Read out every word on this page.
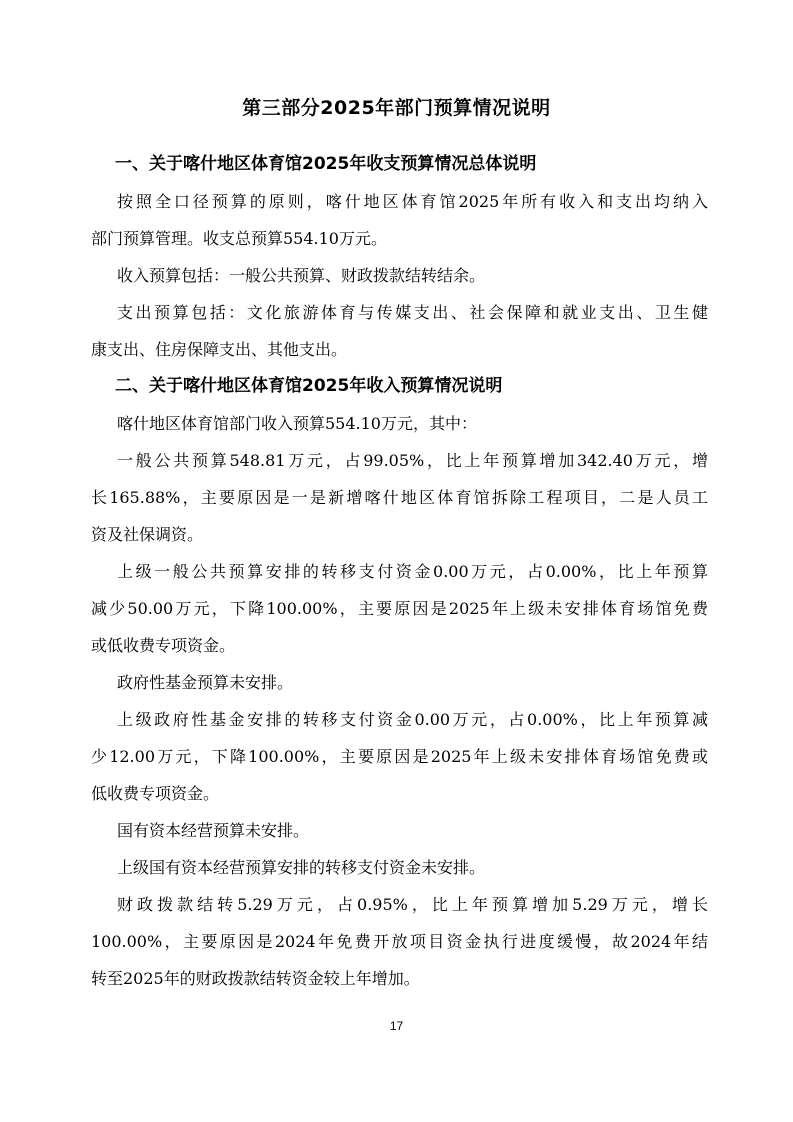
第三部分2025年部门预算情况说明
一、关于喀什地区体育馆2025年收支预算情况总体说明
按照全口径预算的原则，喀什地区体育馆2025年所有收入和支出均纳入
部门预算管理。收支总预算554.10万元。
收入预算包括：一般公共预算、财政拨款结转结余。
支出预算包括：文化旅游体育与传媒支出、社会保障和就业支出、卫生健
康支出、住房保障支出、其他支出。
二、关于喀什地区体育馆2025年收入预算情况说明
喀什地区体育馆部门收入预算554.10万元，其中：
一般公共预算548.81万元，占99.05%，比上年预算增加342.40万元，增
长165.88%，主要原因是一是新增喀什地区体育馆拆除工程项目，二是人员工
资及社保调资。
上级一般公共预算安排的转移支付资金0.00万元，占0.00%，比上年预算
减少50.00万元，下降100.00%，主要原因是2025年上级未安排体育场馆免费
或低收费专项资金。
政府性基金预算未安排。
上级政府性基金安排的转移支付资金0.00万元，占0.00%，比上年预算减
少12.00万元，下降100.00%，主要原因是2025年上级未安排体育场馆免费或
低收费专项资金。
国有资本经营预算未安排。
上级国有资本经营预算安排的转移支付资金未安排。
财政拨款结转5.29万元，占0.95%，比上年预算增加5.29万元，增长
100.00%，主要原因是2024年免费开放项目资金执行进度缓慢，故2024年结
转至2025年的财政拨款结转资金较上年增加。
17
